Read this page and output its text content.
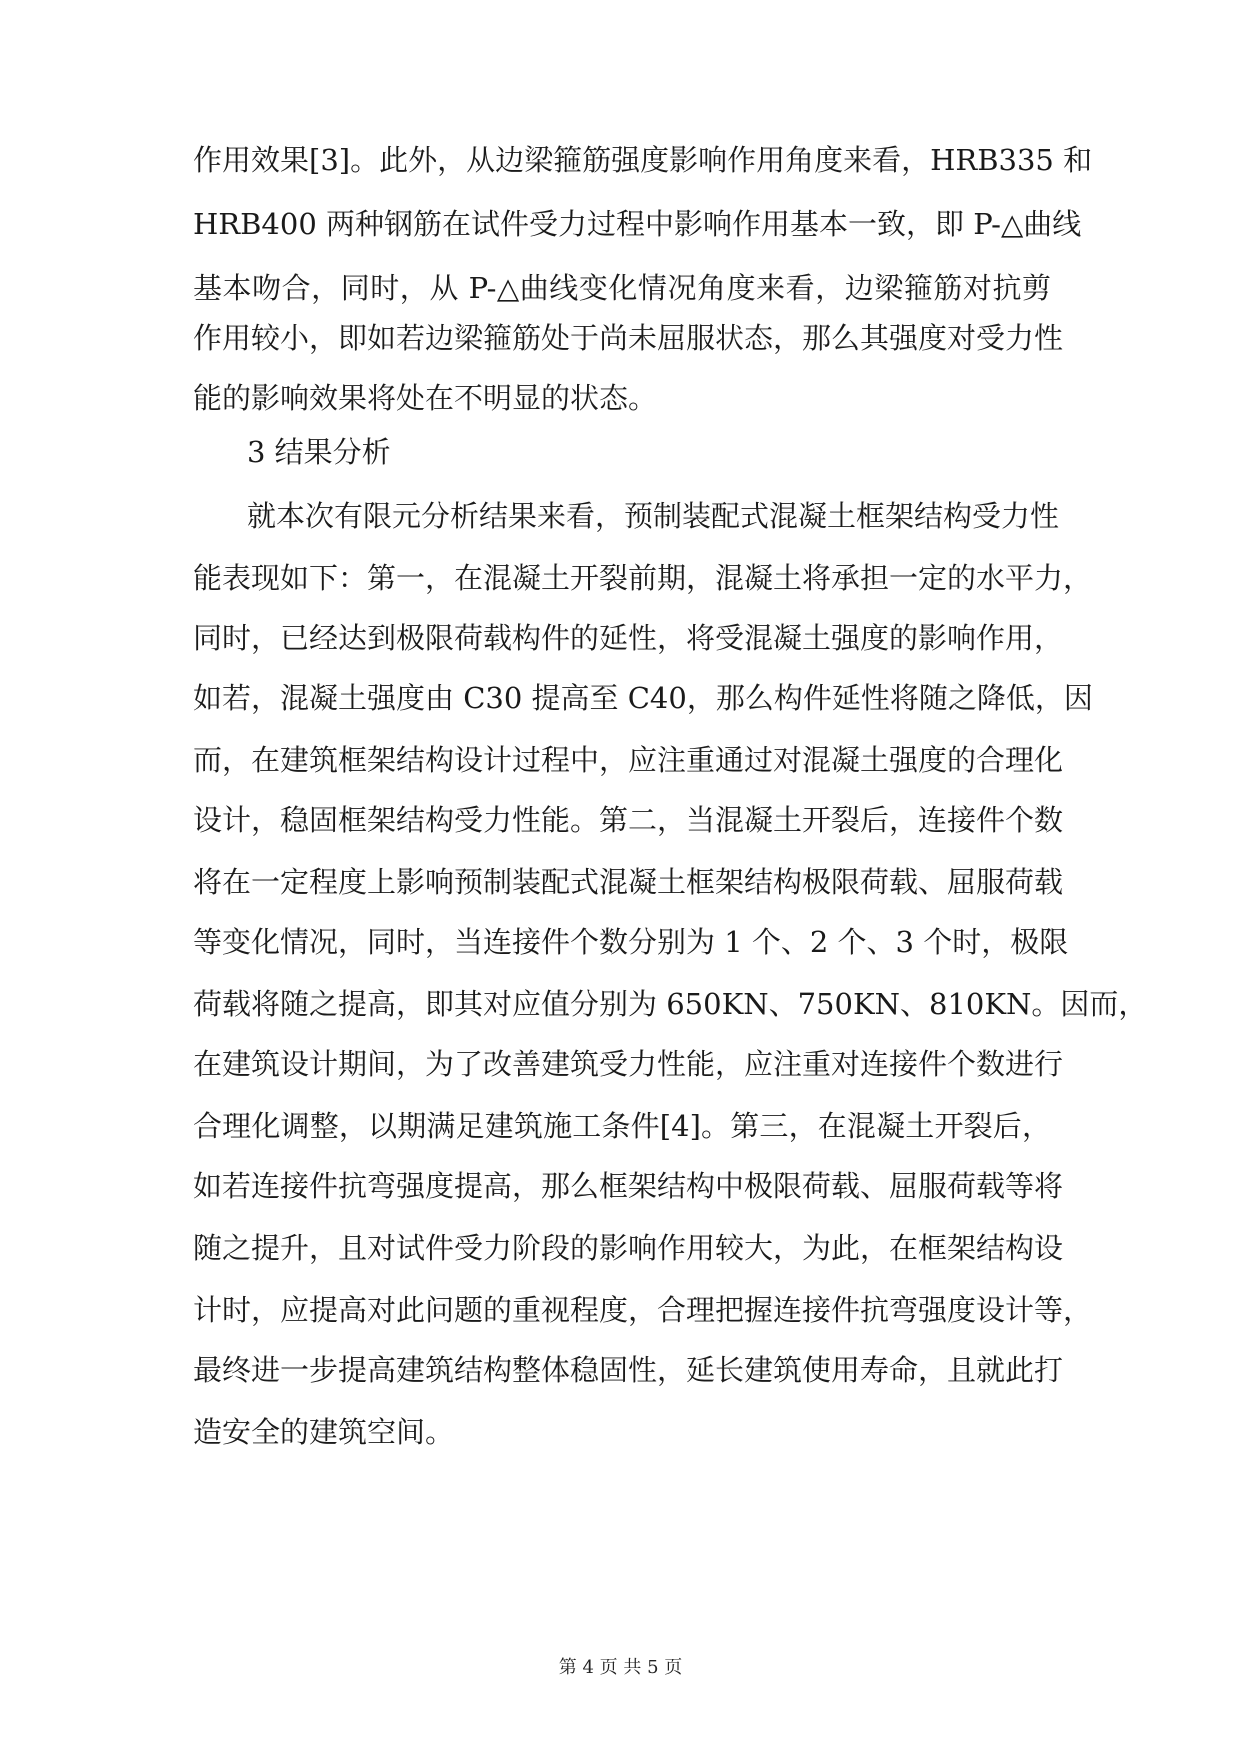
作用效果[3]。此外，从边梁箍筋强度影响作用角度来看，HRB335 和
HRB400 两种钢筋在试件受力过程中影响作用基本一致，即 P-△曲线
基本吻合，同时，从 P-△曲线变化情况角度来看，边梁箍筋对抗剪
作用较小，即如若边梁箍筋处于尚未屈服状态，那么其强度对受力性
能的影响效果将处在不明显的状态。
3 结果分析
就本次有限元分析结果来看，预制装配式混凝土框架结构受力性
能表现如下：第一，在混凝土开裂前期，混凝土将承担一定的水平力，
同时，已经达到极限荷载构件的延性，将受混凝土强度的影响作用，
如若，混凝土强度由 C30 提高至 C40，那么构件延性将随之降低，因
而，在建筑框架结构设计过程中，应注重通过对混凝土强度的合理化
设计，稳固框架结构受力性能。第二，当混凝土开裂后，连接件个数
将在一定程度上影响预制装配式混凝土框架结构极限荷载、屈服荷载
等变化情况，同时，当连接件个数分别为 1 个、2 个、3 个时，极限
荷载将随之提高，即其对应值分别为 650KN、750KN、810KN。因而，
在建筑设计期间，为了改善建筑受力性能，应注重对连接件个数进行
合理化调整，以期满足建筑施工条件[4]。第三，在混凝土开裂后，
如若连接件抗弯强度提高，那么框架结构中极限荷载、屈服荷载等将
随之提升，且对试件受力阶段的影响作用较大，为此，在框架结构设
计时，应提高对此问题的重视程度，合理把握连接件抗弯强度设计等，
最终进一步提高建筑结构整体稳固性，延长建筑使用寿命，且就此打
造安全的建筑空间。
第 4 页 共 5 页
